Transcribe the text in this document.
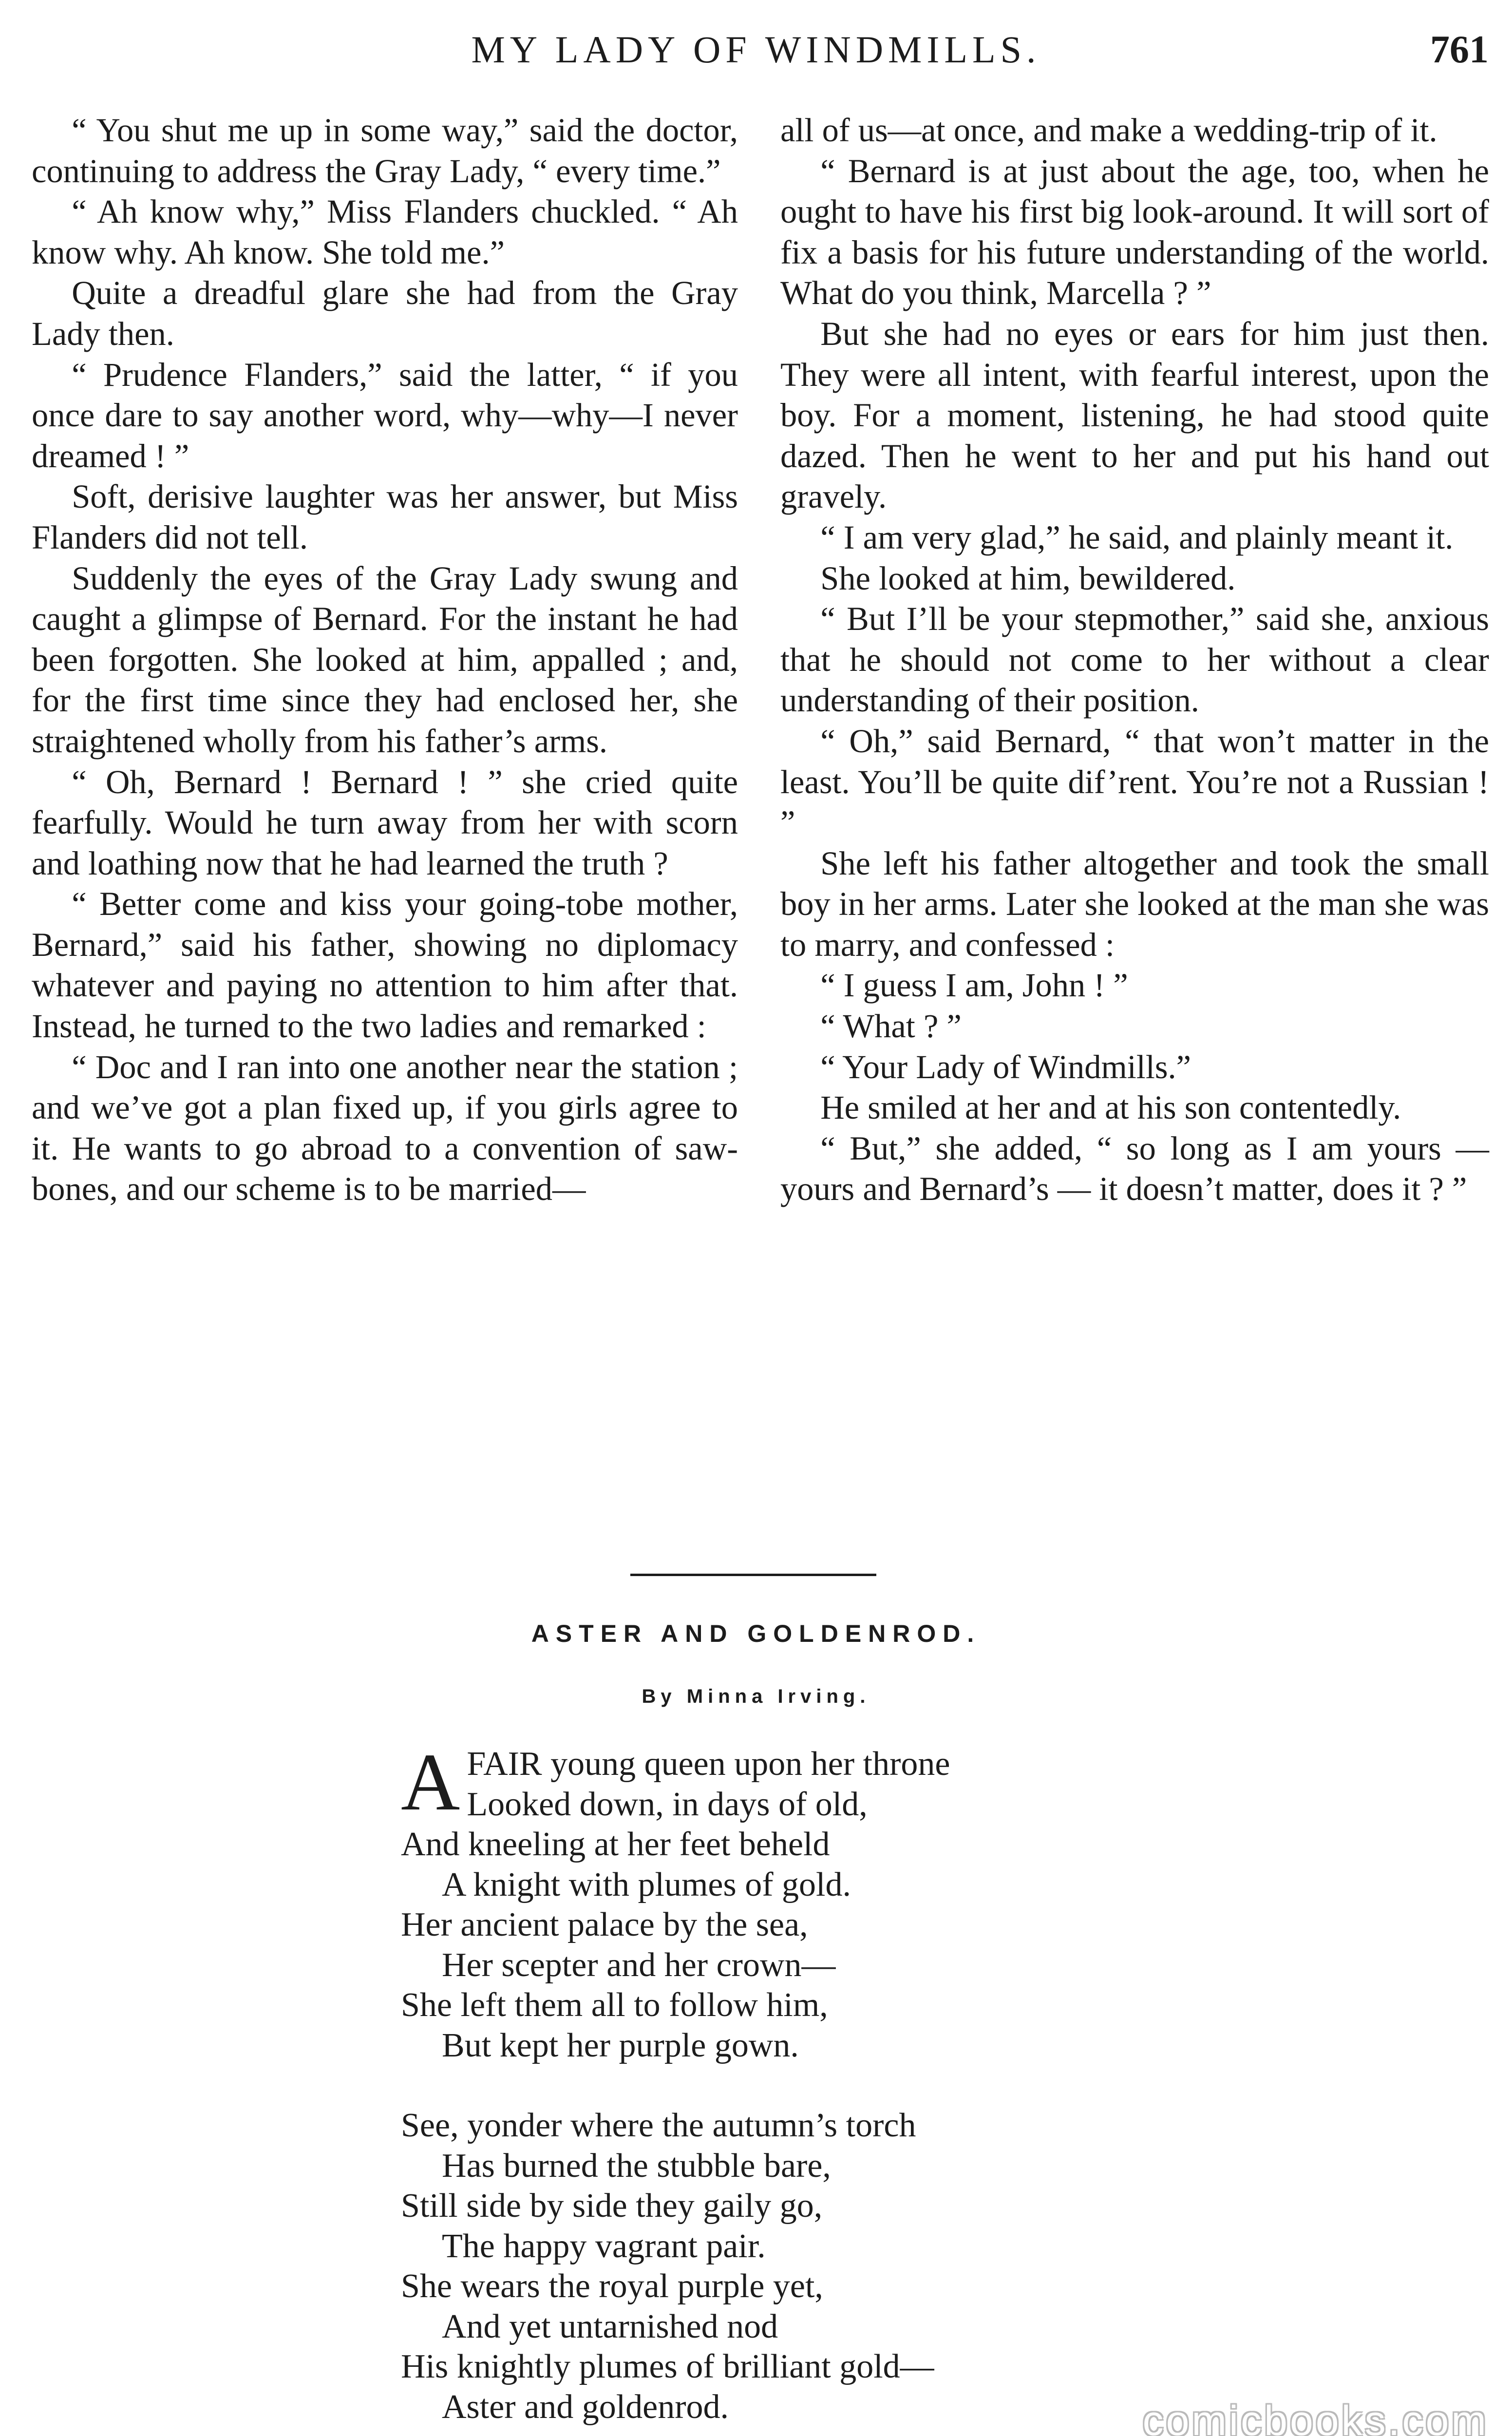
MY LADY OF WINDMILLS.	761

“ You shut me up in some way,” said the doctor, continuing to address the Gray Lady, “ every time.”

“ Ah know why,” Miss Flanders chuckled. “ Ah know why. Ah know. She told me.”

Quite a dreadful glare she had from the Gray Lady then.

“ Prudence Flanders,” said the latter, “ if you once dare to say another word, why—why—I never dreamed ! ”

Soft, derisive laughter was her answer, but Miss Flanders did not tell.

Suddenly the eyes of the Gray Lady swung and caught a glimpse of Bernard. For the instant he had been forgotten. She looked at him, appalled ; and, for the first time since they had enclosed her, she straightened wholly from his father’s arms.

“ Oh, Bernard ! Bernard ! ” she cried quite fearfully. Would he turn away from her with scorn and loathing now that he had learned the truth ?

“ Better come and kiss your going-tobe mother, Bernard,” said his father, showing no diplomacy whatever and paying no attention to him after that. Instead, he turned to the two ladies and remarked :

“ Doc and I ran into one another near the station ; and we’ve got a plan fixed up, if you girls agree to it. He wants to go abroad to a convention of sawbones, and our scheme is to be married—

all of us—at once, and make a wedding-trip of it.

“ Bernard is at just about the age, too, when he ought to have his first big look-around. It will sort of fix a basis for his future understanding of the world. What do you think, Marcella ? ”

But she had no eyes or ears for him just then. They were all intent, with fearful interest, upon the boy. For a moment, listening, he had stood quite dazed. Then he went to her and put his hand out gravely.

“ I am very glad,” he said, and plainly meant it.

She looked at him, bewildered.

“ But I’ll be your stepmother,” said she, anxious that he should not come to her without a clear understanding of their position.

“ Oh,” said Bernard, “ that won’t matter in the least. You’ll be quite dif’rent. You’re not a Russian ! ”

She left his father altogether and took the small boy in her arms. Later she looked at the man she was to marry, and confessed :

“ I guess I am, John ! ”

“ What ? ”

“ Your Lady of Windmills.”

He smiled at her and at his son contentedly.

“ But,” she added, “ so long as I am yours — yours and Bernard’s — it doesn’t matter, does it ? ”

ASTER AND GOLDENROD.
By Minna Irving.
AFAIR young queen upon her throne
Looked down, in days of old,
And kneeling at her feet beheld
A knight with plumes of gold.
Her ancient palace by the sea,
Her scepter and her crown—
She left them all to follow him,
But kept her purple gown.
See, yonder where the autumn’s torch
Has burned the stubble bare,
Still side by side they gaily go,
The happy vagrant pair.
She wears the royal purple yet,
And yet untarnished nod
His knightly plumes of brilliant gold—
Aster and goldenrod.	comicbooks.com
